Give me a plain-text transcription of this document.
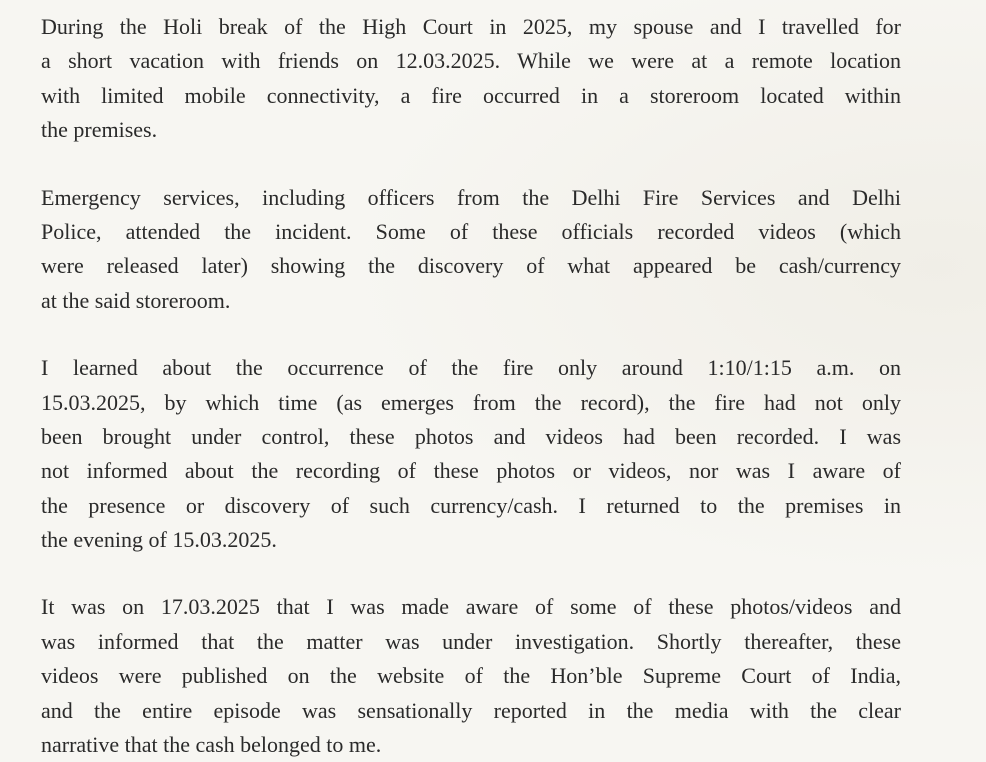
During the Holi break of the High Court in 2025, my spouse and I travelled for
a short vacation with friends on 12.03.2025. While we were at a remote location
with limited mobile connectivity, a fire occurred in a storeroom located within
the premises.
Emergency services, including officers from the Delhi Fire Services and Delhi
Police, attended the incident. Some of these officials recorded videos (which
were released later) showing the discovery of what appeared be cash/currency
at the said storeroom.
I learned about the occurrence of the fire only around 1:10/1:15 a.m. on
15.03.2025, by which time (as emerges from the record), the fire had not only
been brought under control, these photos and videos had been recorded. I was
not informed about the recording of these photos or videos, nor was I aware of
the presence or discovery of such currency/cash. I returned to the premises in
the evening of 15.03.2025.
It was on 17.03.2025 that I was made aware of some of these photos/videos and
was informed that the matter was under investigation. Shortly thereafter, these
videos were published on the website of the Hon’ble Supreme Court of India,
and the entire episode was sensationally reported in the media with the clear
narrative that the cash belonged to me.
